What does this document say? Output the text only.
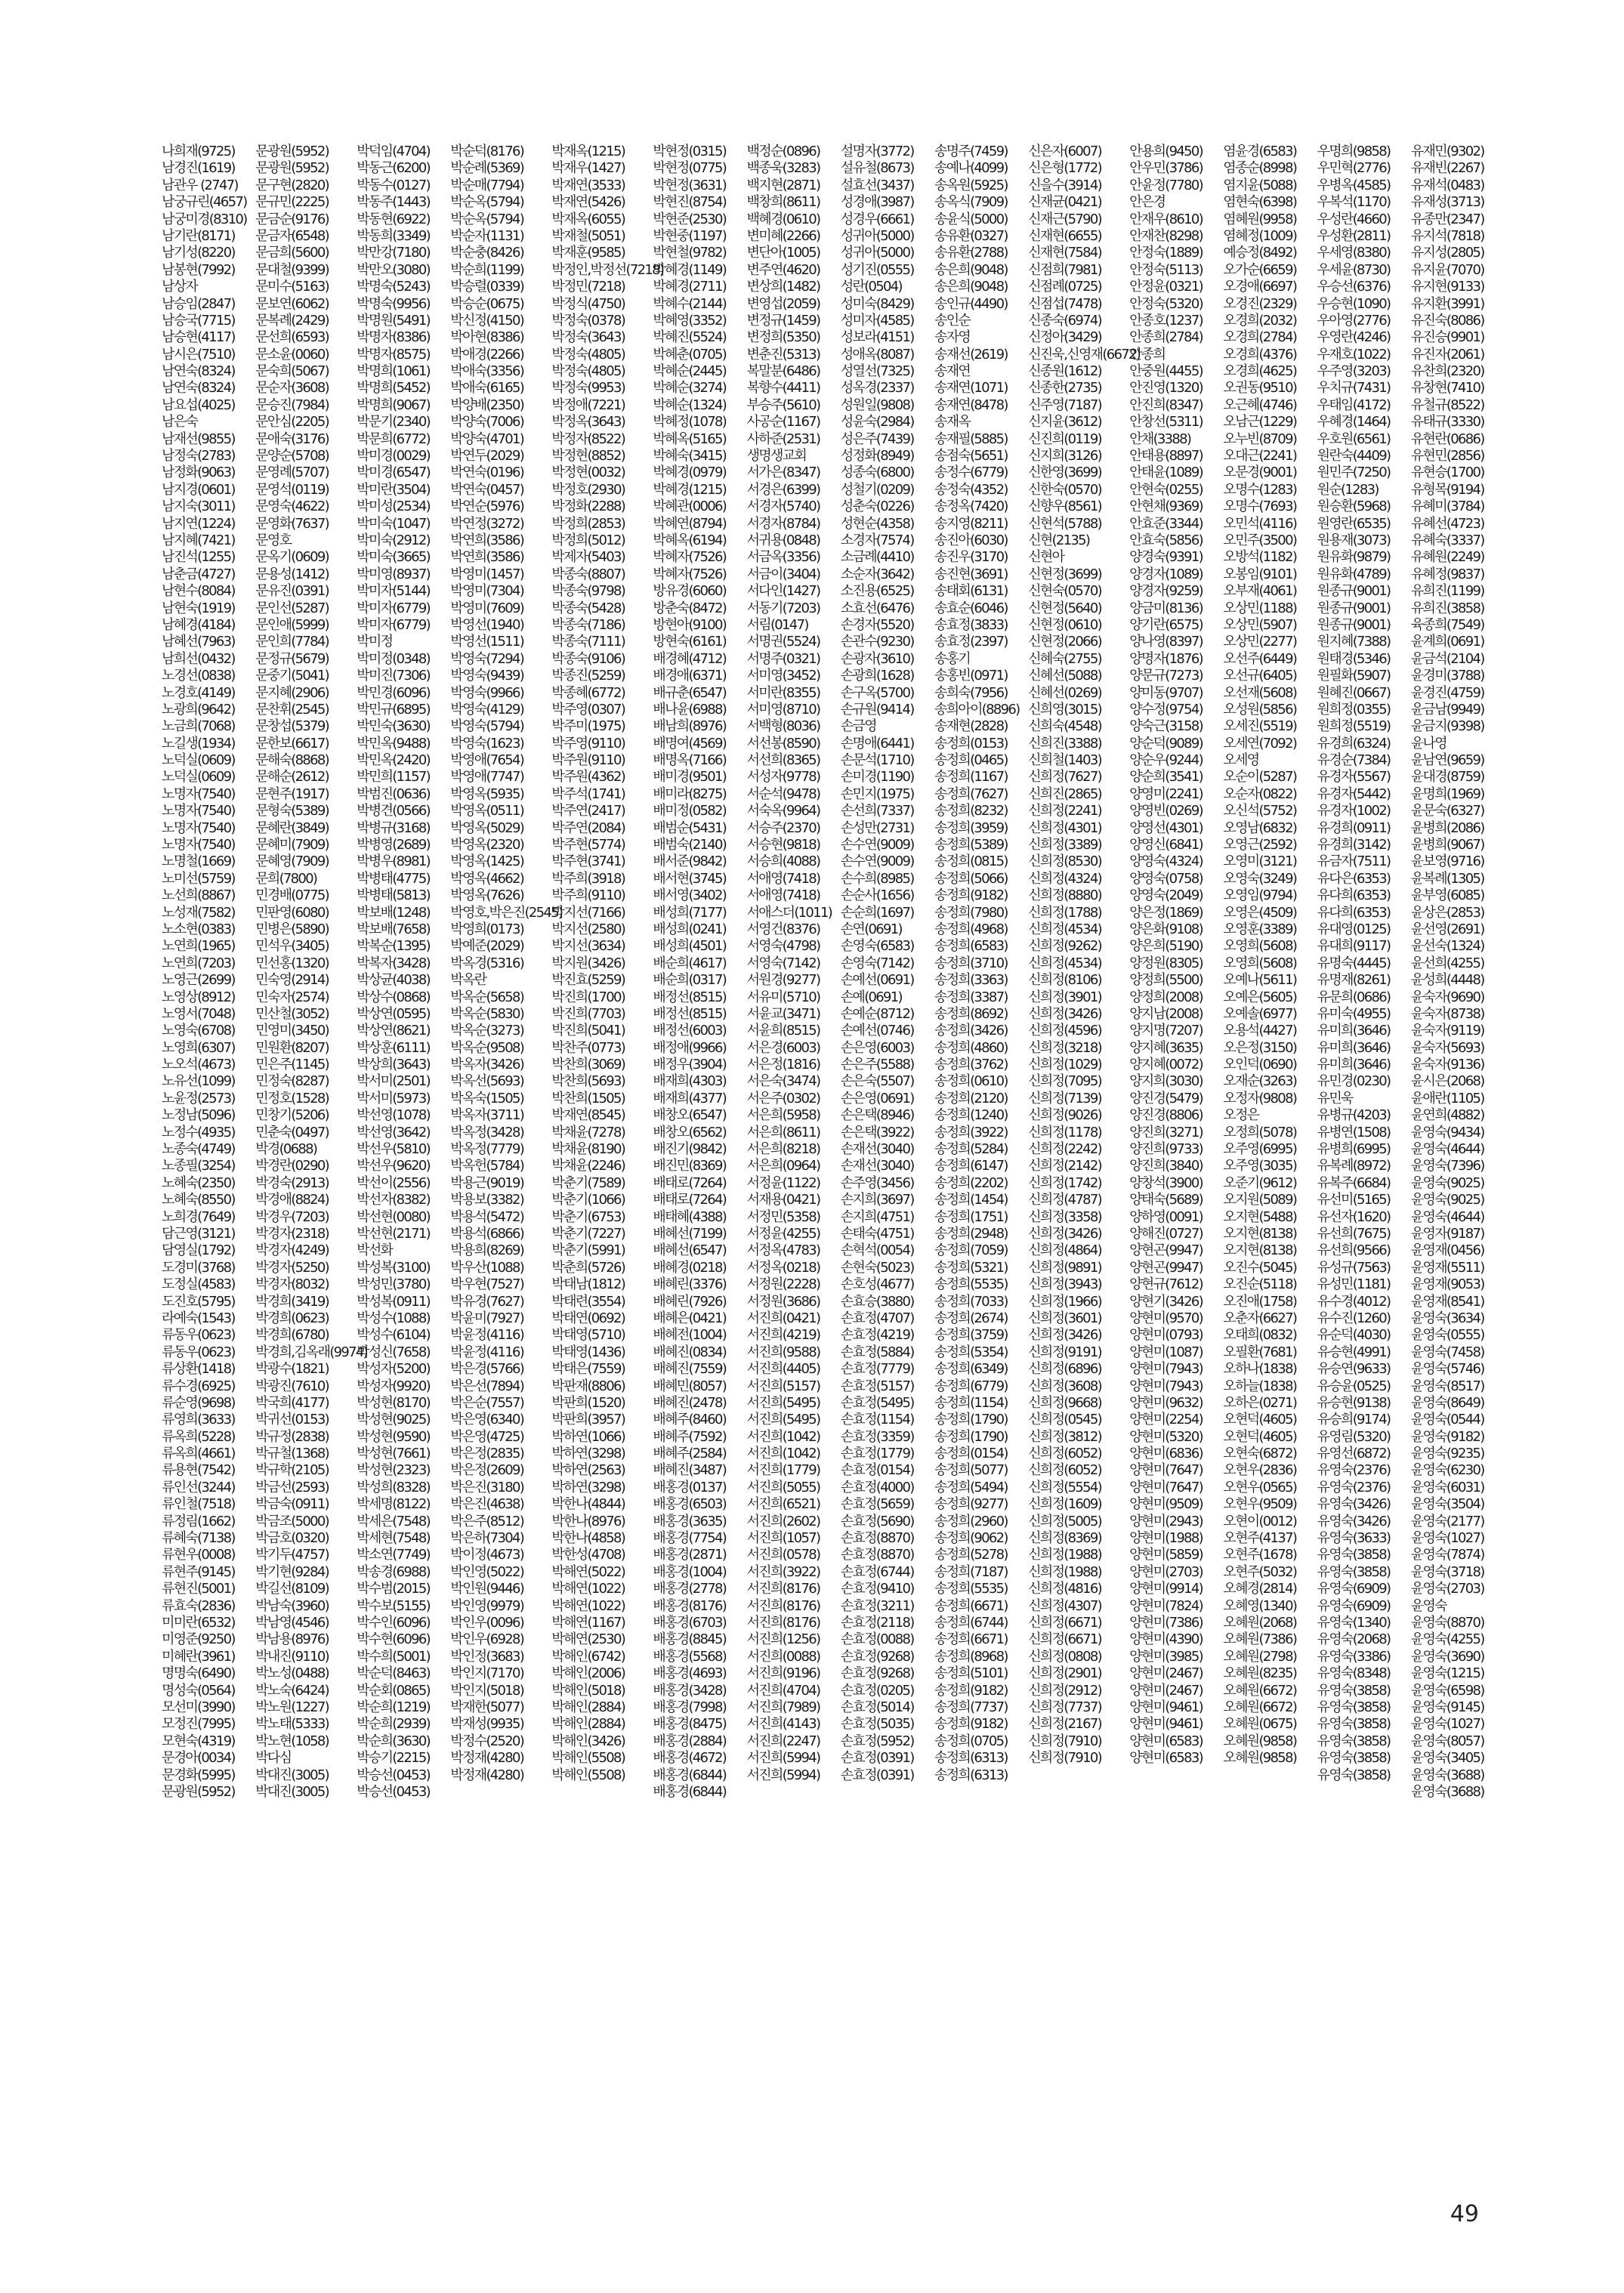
나희재(9725)
남경진(1619)
남관우 (2747)
남궁규린(4657)
남궁미경(8310)
남기란(8171)
남기성(8220)
남봉현(7992)
남상자
남승임(2847)
남승국(7715)
남승현(4117)
남시은(7510)
남연숙(8324)
남연숙(8324)
남요섭(4025)
남은숙
남재선(9855)
남정숙(2783)
남정화(9063)
남지경(0601)
남지숙(3011)
남지연(1224)
남지혜(7421)
남진석(1255)
남춘금(4727)
남현수(8084)
남현숙(1919)
남혜경(4184)
남혜선(7963)
남희선(0432)
노경선(0838)
노경호(4149)
노광희(9642)
노금희(7068)
노길생(1934)
노덕실(0609)
노덕실(0609)
노명자(7540)
노명자(7540)
노명자(7540)
노명자(7540)
노명철(1669)
노미선(5759)
노선희(8867)
노성재(7582)
노소현(0383)
노연희(1965)
노연희(7203)
노영근(2699)
노영상(8912)
노영서(7048)
노영숙(6708)
노영희(6307)
노오석(4673)
노유선(1099)
노윤정(2573)
노정남(5096)
노정수(4935)
노종숙(4749)
노종필(3254)
노혜숙(2350)
노혜숙(8550)
노희경(7649)
담근영(3121)
담영실(1792)
도경미(3768)
도정실(4583)
도진호(5795)
라예숙(1543)
류동우(0623)
류동우(0623)
류상환(1418)
류수경(6925)
류순영(9698)
류영희(3633)
류옥희(5228)
류옥희(4661)
류용현(7542)
류인선(3244)
류인철(7518)
류정림(1662)
류혜숙(7138)
류현우(0008)
류현주(9145)
류현진(5001)
류효숙(2836)
미미란(6532)
미영준(9250)
미혜란(3961)
명명숙(6490)
명성숙(0564)
모선미(3990)
모정진(7995)
모현숙(4319)
문경아(0034)
문경화(5995)
문광원(5952)
문광원(5952)
문광원(5952)
문구현(2820)
문규민(2225)
문금순(9176)
문금자(6548)
문금희(5600)
문대철(9399)
문미수(5163)
문보연(6062)
문복례(2429)
문선희(6593)
문소윤(0060)
문숙희(5067)
문순자(3608)
문승진(7984)
문안심(2205)
문애숙(3176)
문양순(5708)
문영례(5707)
문영석(0119)
문영숙(4622)
문영화(7637)
문영호
문옥기(0609)
문용성(1412)
문유진(0391)
문인선(5287)
문인애(5999)
문인희(7784)
문정규(5679)
문중기(5041)
문지혜(2906)
문찬휘(2545)
문창섭(5379)
문한보(6617)
문해숙(8868)
문해순(2612)
문현주(1917)
문형숙(5389)
문혜란(3849)
문혜미(7909)
문혜영(7909)
문희(7800)
민경배(0775)
민판영(6080)
민병은(5890)
민석우(3405)
민선홍(1320)
민숙영(2914)
민숙자(2574)
민산철(3052)
민영미(3450)
민원환(8207)
민은주(1145)
민정숙(8287)
민정호(1528)
민창기(5206)
민춘숙(0497)
박경(0688)
박경란(0290)
박경숙(2913)
박경애(8824)
박경우(7203)
박경자(2318)
박경자(4249)
박경자(5250)
박경자(8032)
박경희(3419)
박경희(0623)
박경희(6780)
박경희,김옥래(9974)
박광수(1821)
박광진(7610)
박국희(4177)
박귀선(0153)
박규정(2838)
박규철(1368)
박규학(2105)
박금선(2593)
박금숙(0911)
박금조(5000)
박금호(0320)
박기두(4757)
박기현(9284)
박길선(8109)
박남숙(3960)
박남영(4546)
박남용(8976)
박내진(9110)
박노성(0488)
박노숙(6424)
박노원(1227)
박노태(5333)
박노현(1058)
박다심
박대진(3005)
박대진(3005)
박덕임(4704)
박동근(6200)
박동수(0127)
박동주(1443)
박동현(6922)
박동희(3349)
박만강(7180)
박만오(3080)
박명숙(5243)
박명숙(9956)
박명원(5491)
박명자(8386)
박명자(8575)
박명희(1061)
박명희(5452)
박명희(9067)
박문기(2340)
박문희(6772)
박미경(0029)
박미경(6547)
박미란(3504)
박미성(2534)
박미숙(1047)
박미숙(2912)
박미숙(3665)
박미영(8937)
박미자(5144)
박미자(6779)
박미자(6779)
박미정
박미정(0348)
박미진(7306)
박민경(6096)
박민규(6895)
박민숙(3630)
박민옥(9488)
박민옥(2420)
박민희(1157)
박범진(0636)
박병견(0566)
박병규(3168)
박병영(2689)
박병우(8981)
박병태(4775)
박병태(5813)
박보배(1248)
박보배(7658)
박복순(1395)
박복자(3428)
박상균(4038)
박상수(0868)
박상연(0595)
박상연(8621)
박상훈(6111)
박상희(3643)
박서미(2501)
박서미(5973)
박선영(1078)
박선영(3642)
박선우(5810)
박선우(9620)
박선이(2556)
박선자(8382)
박선현(0080)
박선현(2171)
박선화
박성복(3100)
박성민(3780)
박성복(0911)
박성수(1088)
박성수(6104)
박성신(7658)
박성자(5200)
박성자(9920)
박성현(8170)
박성현(9025)
박성현(9590)
박성현(7661)
박성현(2323)
박성희(8328)
박세명(8122)
박세은(7548)
박세현(7548)
박소연(7749)
박송경(6988)
박수범(2015)
박수보(5155)
박수인(6096)
박수현(6096)
박수희(5001)
박순덕(8463)
박순회(0865)
박순희(1219)
박순희(2939)
박순희(3630)
박승기(2215)
박승선(0453)
박승선(0453)
박순덕(8176)
박순례(5369)
박순매(7794)
박순옥(5794)
박순옥(5794)
박순자(1131)
박순충(8426)
박순희(1199)
박승렬(0339)
박승순(0675)
박신정(4150)
박아현(8386)
박애경(2266)
박애숙(3356)
박애숙(6165)
박양배(2350)
박양숙(7006)
박양숙(4701)
박연두(2029)
박연숙(0196)
박연숙(0457)
박연순(5976)
박연정(3272)
박연희(3586)
박연희(3586)
박영미(1457)
박영미(7304)
박영미(7609)
박영선(1940)
박영선(1511)
박영숙(7294)
박영숙(9439)
박영숙(9966)
박영숙(4129)
박영숙(5794)
박영숙(1623)
박영애(7654)
박영애(7747)
박영옥(5935)
박영옥(0511)
박영옥(5029)
박영옥(2320)
박영옥(1425)
박영옥(4662)
박영옥(7626)
박영호,박은진(2545)
박영희(0173)
박예준(2029)
박옥경(5316)
박옥란
박옥순(5658)
박옥순(5830)
박옥순(3273)
박옥순(9508)
박옥자(3426)
박옥선(5693)
박옥숙(1505)
박옥자(3711)
박옥정(3428)
박옥정(7779)
박옥헌(5784)
박용근(9019)
박용보(3382)
박용석(5472)
박용석(6866)
박용희(8269)
박우산(1088)
박우현(7527)
박유경(7627)
박윤미(7927)
박윤정(4116)
박윤정(4116)
박은경(5766)
박은선(7894)
박은순(7557)
박은영(6340)
박은영(4725)
박은정(2835)
박은정(2609)
박은진(3180)
박은진(4638)
박은주(8512)
박은하(7304)
박이정(4673)
박인영(5022)
박인원(9446)
박인영(9979)
박인우(0096)
박인우(6928)
박인정(3683)
박인지(7170)
박인지(5018)
박재한(5077)
박재성(9935)
박정수(2520)
박정재(4280)
박정재(4280)
박재옥(1215)
박재우(1427)
박재연(3533)
박재연(5426)
박재옥(6055)
박재철(5051)
박재훈(9585)
박정인,박정선(7218)
박정민(7218)
박정식(4750)
박정숙(0378)
박정숙(3643)
박정숙(4805)
박정숙(4805)
박정숙(9953)
박정애(7221)
박정옥(3643)
박정자(8522)
박정현(8852)
박정현(0032)
박정호(2930)
박정화(2288)
박정희(2853)
박정희(5012)
박제자(5403)
박종숙(8807)
박종숙(9798)
박종숙(5428)
박종숙(7186)
박종숙(7111)
박종숙(9106)
박종진(5259)
박종혜(6772)
박주영(0307)
박주미(1975)
박주영(9110)
박주원(9110)
박주원(4362)
박주석(1741)
박주연(2417)
박주연(2084)
박주현(5774)
박주현(3741)
박주희(3918)
박주희(9110)
박지선(7166)
박지선(2580)
박지선(3634)
박지원(3426)
박진효(5259)
박진희(1700)
박진희(7703)
박진희(5041)
박찬주(0773)
박찬희(3069)
박찬희(5693)
박찬희(1505)
박재연(8545)
박채윤(7278)
박채윤(8190)
박채윤(2246)
박춘기(7589)
박춘기(1066)
박춘기(6753)
박춘기(7227)
박춘기(5991)
박춘희(5726)
박태남(1812)
박태련(3554)
박태연(0692)
박태영(5710)
박태영(1436)
박태은(7559)
박판재(8806)
박판희(1520)
박판희(3957)
박하연(1066)
박하연(3298)
박하연(2563)
박하연(3298)
박한나(4844)
박한나(8976)
박한나(4858)
박한성(4708)
박해연(5022)
박해연(1022)
박해연(1022)
박해연(1167)
박해연(2530)
박해인(6742)
박해인(2006)
박해인(5018)
박해인(2884)
박해인(2884)
박해인(3426)
박해인(5508)
박해인(5508)
박현정(0315)
박현정(0775)
박현정(3631)
박현진(8754)
박현준(2530)
박현중(1197)
박현철(9782)
박혜경(1149)
박혜경(2711)
박혜수(2144)
박혜영(3352)
박혜진(5524)
박혜춘(0705)
박혜순(2445)
박혜순(3274)
박혜순(1324)
박혜정(1078)
박혜옥(5165)
박혜숙(3415)
박혜경(0979)
박혜경(1215)
박혜관(0006)
박혜연(8794)
박혜옥(6194)
박혜자(7526)
박혜자(7526)
방유경(6060)
방춘숙(8472)
방현아(9100)
방현숙(6161)
배경혜(4712)
배경애(6371)
배규춘(6547)
배나윤(6988)
배남희(8976)
배명여(4569)
배명옥(7166)
배미경(9501)
배미라(8275)
배미정(0582)
배범순(5431)
배범숙(2140)
배서준(9842)
배서현(3745)
배서영(3402)
배성희(7177)
배성희(0241)
배성희(4501)
배순희(4617)
배순희(0317)
배정선(8515)
배정선(8515)
배정선(6003)
배정애(9966)
배정우(3904)
배재희(4303)
배재희(4377)
배창오(6547)
배창오(6562)
배진기(9842)
배진민(8369)
배태로(7264)
배태로(7264)
배태혜(4388)
배혜선(7199)
배혜선(6547)
배혜경(0218)
배혜린(3376)
배혜린(7926)
배혜은(0421)
배혜전(1004)
배혜진(0834)
배혜진(7559)
배혜민(8057)
배혜진(2478)
배혜주(8460)
배혜주(7592)
배혜주(2584)
배혜진(3487)
배홍경(0137)
배홍경(6503)
배홍경(3635)
배홍경(7754)
배홍경(2871)
배홍경(1004)
배홍경(2778)
배홍경(8176)
배홍경(6703)
배홍경(8845)
배홍경(5568)
배홍경(4693)
배홍경(3428)
배홍경(7998)
배홍경(8475)
배홍경(2884)
배홍경(4672)
배홍경(6844)
배홍경(6844)
백정순(0896)
백종욱(3283)
백지현(2871)
백창희(8611)
백혜경(0610)
변미혜(2266)
변단아(1005)
변주연(4620)
변상희(1482)
변영섭(2059)
변정규(1459)
변정희(5350)
변춘진(5313)
복말분(6486)
복향수(4411)
부승주(5610)
사공순(1167)
사하준(2531)
생명생교회
서가은(8347)
서경은(6399)
서경자(5740)
서경자(8784)
서귀용(0848)
서금옥(3356)
서금이(3404)
서다인(1427)
서동기(7203)
서림(0147)
서명권(5524)
서명주(0321)
서미영(3452)
서미란(8355)
서미영(8710)
서백형(8036)
서선봉(8590)
서선희(8365)
서성자(9778)
서순석(9478)
서숙옥(9964)
서승주(2370)
서승현(9818)
서승희(4088)
서애영(7418)
서애영(7418)
서애스더(1011)
서영건(8376)
서영숙(4798)
서영숙(7142)
서원경(9277)
서유미(5710)
서윤교(3471)
서윤희(8515)
서은경(6003)
서은정(1816)
서은숙(3474)
서은주(0302)
서은희(5958)
서은희(8611)
서은희(8218)
서은희(0964)
서정윤(1122)
서재용(0421)
서정민(5358)
서정윤(4255)
서정옥(4783)
서정옥(0218)
서정원(2228)
서정원(3686)
서진희(0421)
서진희(4219)
서진희(9588)
서진희(4405)
서진희(5157)
서진희(5495)
서진희(5495)
서진희(1042)
서진희(1042)
서진희(1779)
서진희(5055)
서진희(6521)
서진희(2602)
서진희(1057)
서진희(0578)
서진희(3922)
서진희(8176)
서진희(8176)
서진희(8176)
서진희(1256)
서진희(0088)
서진희(9196)
서진희(4704)
서진희(7989)
서진희(4143)
서진희(2247)
서진희(5994)
서진희(5994)
설명자(3772)
설유철(8673)
설효선(3437)
성경애(3987)
성경우(6661)
성귀아(5000)
성귀아(5000)
성기진(0555)
성란(0504)
성미숙(8429)
성미자(4585)
성보라(4151)
성애옥(8087)
성열선(7325)
성옥경(2337)
성원일(9808)
성윤숙(2984)
성은주(7439)
성정화(8949)
성종숙(6800)
성철기(0209)
성춘숙(0226)
성현순(4358)
소경자(7574)
소금례(4410)
소순자(3642)
소진용(6525)
소효선(6476)
손경자(5520)
손관수(9230)
손광자(3610)
손광희(1628)
손구옥(5700)
손규원(9414)
손금영
손명애(6441)
손문석(1710)
손미경(1190)
손민지(1975)
손선희(7337)
손성만(2731)
손수연(9009)
손수연(9009)
손수희(8985)
손순사(1656)
손순희(1697)
손연(0691)
손영숙(6583)
손영숙(7142)
손예선(0691)
손예(0691)
손예순(8712)
손예선(0746)
손은영(6003)
손은주(5588)
손은숙(5507)
손은영(0691)
손은택(8946)
손은택(3922)
손재선(3040)
손재선(3040)
손주영(3456)
손지희(3697)
손지희(4751)
손태숙(4751)
손혁석(0054)
손현숙(5023)
손호성(4677)
손효승(3880)
손효정(4707)
손효정(4219)
손효정(5884)
손효정(7779)
손효정(5157)
손효정(5495)
손효정(1154)
손효정(3359)
손효정(1779)
손효정(0154)
손효정(4000)
손효정(5659)
손효정(5690)
손효정(8870)
손효정(8870)
손효정(6744)
손효정(9410)
손효정(3211)
손효정(2118)
손효정(0088)
손효정(9268)
손효정(9268)
손효정(0205)
손효정(5014)
손효정(5035)
손효정(5952)
손효정(0391)
손효정(0391)
송명주(7459)
송예나(4099)
송옥원(5925)
송옥식(7909)
송윤식(5000)
송유환(0327)
송유환(2788)
송은희(9048)
송은희(9048)
송인규(4490)
송인순
송자영
송재선(2619)
송재연
송재연(1071)
송재연(8478)
송재옥
송재필(5885)
송점숙(5651)
송정수(6779)
송정숙(4352)
송정옥(7420)
송지영(8211)
송진아(6030)
송진우(3170)
송진현(3691)
송태회(6131)
송효순(6046)
송효정(3833)
송효정(2397)
송홍기
송홍빈(0971)
송희숙(7956)
송희아이(8896)
송재현(2828)
송정희(0153)
송정희(0465)
송정희(1167)
송정희(7627)
송정희(8232)
송정희(3959)
송정희(5389)
송정희(0815)
송정희(5066)
송정희(9182)
송정희(7980)
송정희(4968)
송정희(6583)
송정희(3710)
송정희(3363)
송정희(3387)
송정희(8692)
송정희(3426)
송정희(4860)
송정희(3762)
송정희(0610)
송정희(2120)
송정희(1240)
송정희(3922)
송정희(5284)
송정희(6147)
송정희(2202)
송정희(1454)
송정희(1751)
송정희(2948)
송정희(7059)
송정희(5321)
송정희(5535)
송정희(7033)
송정희(2674)
송정희(3759)
송정희(5354)
송정희(6349)
송정희(6779)
송정희(1154)
송정희(1790)
송정희(1790)
송정희(0154)
송정희(5077)
송정희(5494)
송정희(9277)
송정희(2960)
송정희(9062)
송정희(5278)
송정희(7187)
송정희(5535)
송정희(6671)
송정희(6744)
송정희(6671)
송정희(8968)
송정희(5101)
송정희(9182)
송정희(7737)
송정희(9182)
송정희(0705)
송정희(6313)
송정희(6313)
신은자(6007)
신은형(1772)
신을수(3914)
신재균(0421)
신재근(5790)
신재현(6655)
신재현(7584)
신점희(7981)
신점례(0725)
신점섭(7478)
신종숙(6974)
신정아(3429)
신진욱,신영재(6672)
신종원(1612)
신종한(2735)
신주영(7187)
신지윤(3612)
신진희(0119)
신지희(3126)
신한영(3699)
신한숙(0570)
신향우(8561)
신현석(5788)
신현(2135)
신현아
신현정(3699)
신현숙(0570)
신현정(5640)
신현정(0610)
신현정(2066)
신혜숙(2755)
신혜선(5088)
신혜선(0269)
신희영(3015)
신희숙(4548)
신희진(3388)
신희철(1403)
신희정(7627)
신희진(2865)
신희정(2241)
신희정(4301)
신희정(3389)
신희정(8530)
신희정(4324)
신희정(8880)
신희정(1788)
신희정(4534)
신희정(9262)
신희정(4534)
신희정(8106)
신희정(3901)
신희정(3426)
신희정(4596)
신희정(3218)
신희정(1029)
신희정(7095)
신희정(7139)
신희정(9026)
신희정(1178)
신희정(2242)
신희정(2142)
신희정(1742)
신희정(4787)
신희정(3358)
신희정(3426)
신희정(4864)
신희정(9891)
신희정(3943)
신희정(1966)
신희정(3601)
신희정(3426)
신희정(9191)
신희정(6896)
신희정(3608)
신희정(9668)
신희정(0545)
신희정(3812)
신희정(6052)
신희정(6052)
신희정(5554)
신희정(1609)
신희정(5005)
신희정(8369)
신희정(1988)
신희정(1988)
신희정(4816)
신희정(4307)
신희정(6671)
신희정(6671)
신희정(0808)
신희정(2901)
신희정(2912)
신희정(7737)
신희정(2167)
신희정(7910)
신희정(7910)
안용희(9450)
안우민(3786)
안윤정(7780)
안은경
안재우(8610)
안재찬(8298)
안정숙(1889)
안정숙(5113)
안정윤(0321)
안정숙(5320)
안종호(1237)
안종희(2784)
안종희
안중원(4455)
안진영(1320)
안진희(8347)
안창선(5311)
안채(3388)
안태용(8897)
안태윤(1089)
안현숙(0255)
안현채(9369)
안효준(3344)
안효숙(5856)
양경숙(9391)
양경자(1089)
양경자(9259)
양금미(8136)
양기란(6575)
양나영(8397)
양명자(1876)
양문규(7273)
양미동(9707)
양수정(9754)
양숙근(3158)
양순덕(9089)
양순우(9244)
양순희(3541)
양영미(2241)
양영빈(0269)
양영선(4301)
양영신(6841)
양영숙(4324)
양영숙(0758)
양영숙(2049)
양은정(1869)
양은화(9108)
양은희(5190)
양정원(8305)
양정희(5500)
양정희(2008)
양지남(2008)
양지명(7207)
양지혜(3635)
양지혜(0072)
양지희(3030)
양진경(5479)
양진경(8806)
양진희(3271)
양진희(9733)
양진희(3840)
양창석(3900)
양태숙(5689)
양하영(0091)
양해진(0727)
양현곤(9947)
양현곤(9947)
양현규(7612)
양현기(3426)
양현미(9570)
양현미(0793)
양현미(1087)
양현미(7943)
양현미(7943)
양현미(9632)
양현미(2254)
양현미(5320)
양현미(6836)
양현미(7647)
양현미(7647)
양현미(9509)
양현미(2943)
양현미(1988)
양현미(5859)
양현미(2703)
양현미(9914)
양현미(7824)
양현미(7386)
양현미(4390)
양현미(3985)
양현미(2467)
양현미(2467)
양현미(9461)
양현미(9461)
양현미(6583)
양현미(6583)
염윤경(6583)
염종순(8998)
염지윤(5088)
염현숙(6398)
염혜원(9958)
염혜정(1009)
예승정(8492)
오가순(6659)
오경애(6697)
오경진(2329)
오경희(2032)
오경희(2784)
오경희(4376)
오경희(4625)
오권동(9510)
오근혜(4746)
오남근(1229)
오누빈(8709)
오대근(2241)
오문경(9001)
오명수(1283)
오명수(7693)
오민석(4116)
오민주(3500)
오방석(1182)
오봉임(9101)
오부재(4061)
오상민(1188)
오상민(5907)
오상민(2277)
오선주(6449)
오선규(6405)
오선재(5608)
오성원(5856)
오세진(5519)
오세연(7092)
오세영
오순이(5287)
오순자(0822)
오신석(5752)
오영남(6832)
오영근(2592)
오영미(3121)
오영숙(3249)
오영임(9794)
오영은(4509)
오영훈(3389)
오영희(5608)
오영희(5608)
오예나(5611)
오예은(5605)
오예솔(6977)
오용석(4427)
오은정(3150)
오인덕(0690)
오재순(3263)
오정자(9808)
오정은
오정희(5078)
오주영(6995)
오주영(3035)
오준기(9612)
오지원(5089)
오지현(5488)
오지현(8138)
오지현(8138)
오진수(5045)
오진순(5118)
오진애(1758)
오춘자(6627)
오태희(0832)
오필환(7681)
오하나(1838)
오하늘(1838)
오하은(0271)
오현덕(4605)
오현덕(4605)
오현숙(6872)
오현우(2836)
오현우(0565)
오현우(9509)
오현이(0012)
오현주(4137)
오현주(1678)
오현주(5032)
오혜경(2814)
오혜영(1340)
오혜원(2068)
오혜원(7386)
오혜원(2798)
오혜원(8235)
오혜원(6672)
오혜원(6672)
오혜원(0675)
오혜원(9858)
오혜원(9858)
우명희(9858)
우민혁(2776)
우병옥(4585)
우복석(1170)
우성란(4660)
우성환(2811)
우세영(8380)
우세윤(8730)
우승선(6376)
우승현(1090)
우아영(2776)
우영란(4246)
우재호(1022)
우주영(3203)
우치규(7431)
우태임(4172)
우혜경(1464)
우호원(6561)
원란숙(4409)
원민주(7250)
원순(1283)
원승환(5968)
원영란(6535)
원용재(3073)
원유화(9879)
원유화(4789)
원종규(9001)
원종규(9001)
원종규(9001)
원지혜(7388)
원태경(5346)
원필화(5907)
원혜진(0667)
원희정(0355)
원희정(5519)
유경희(6324)
유경순(7384)
유경자(5567)
유경자(5442)
유경자(1002)
유경희(0911)
유경희(3142)
유금자(7511)
유다은(6353)
유다희(6353)
유다희(6353)
유대영(0125)
유대희(9117)
유명숙(4445)
유명재(8261)
유문희(0686)
유미숙(4955)
유미희(3646)
유미희(3646)
유미희(3646)
유민경(0230)
유민욱
유병규(4203)
유병연(1508)
유병희(6995)
유복례(8972)
유복주(6684)
유선미(5165)
유선자(1620)
유선희(7675)
유선희(9566)
유성규(7563)
유성민(1181)
유수경(4012)
유수진(1260)
유순덕(4030)
유승현(4991)
유승연(9633)
유승윤(0525)
유승현(9138)
유승희(9174)
유영림(5320)
유영선(6872)
유영숙(2376)
유영숙(2376)
유영숙(3426)
유영숙(3426)
유영숙(3633)
유영숙(3858)
유영숙(3858)
유영숙(6909)
유영숙(6909)
유영숙(1340)
유영숙(2068)
유영숙(3386)
유영숙(8348)
유영숙(3858)
유영숙(3858)
유영숙(3858)
유영숙(3858)
유영숙(3858)
유영숙(3858)
유재민(9302)
유재빈(2267)
유재석(0483)
유재성(3713)
유종만(2347)
유지석(7818)
유지성(2805)
유지윤(7070)
유지현(9133)
유지환(3991)
유진숙(8086)
유진승(9901)
유진자(2061)
유찬희(2320)
유창현(7410)
유철규(8522)
유태규(3330)
유현란(0686)
유현민(2856)
유현승(1700)
유형목(9194)
유혜미(3784)
유혜선(4723)
유혜숙(3337)
유혜원(2249)
유혜정(9837)
유희진(1199)
유희진(3858)
육종희(7549)
윤계희(0691)
윤금석(2104)
윤경미(3788)
윤경진(4759)
윤금남(9949)
윤금지(9398)
윤나영
윤남연(9659)
윤대경(8759)
윤명희(1969)
윤문숙(6327)
윤병희(2086)
윤병희(9067)
윤보영(9716)
윤복례(1305)
윤부영(6085)
윤상은(2853)
윤선영(2691)
윤선숙(1324)
윤선희(4255)
윤성희(4448)
윤숙자(9690)
윤숙자(8738)
윤숙자(9119)
윤숙자(5693)
윤숙자(9136)
윤시은(2068)
윤애란(1105)
윤연희(4882)
윤영숙(9434)
윤영숙(4644)
윤영숙(7396)
윤영숙(9025)
윤영숙(9025)
윤영숙(4644)
윤영자(9187)
윤영재(0456)
윤영재(5511)
윤영재(9053)
윤영재(8541)
윤영숙(3634)
윤영숙(0555)
윤영숙(7458)
윤영숙(5746)
윤영숙(8517)
윤영숙(8649)
윤영숙(0544)
윤영숙(9182)
윤영숙(9235)
윤영숙(6230)
윤영숙(6031)
윤영숙(3504)
윤영숙(2177)
윤영숙(1027)
윤영숙(7874)
윤영숙(3718)
윤영숙(2703)
윤영숙
윤영숙(8870)
윤영숙(4255)
윤영숙(3690)
윤영숙(1215)
윤영숙(6598)
윤영숙(9145)
윤영숙(1027)
윤영숙(8057)
윤영숙(3405)
윤영숙(3688)
윤영숙(3688)
49
